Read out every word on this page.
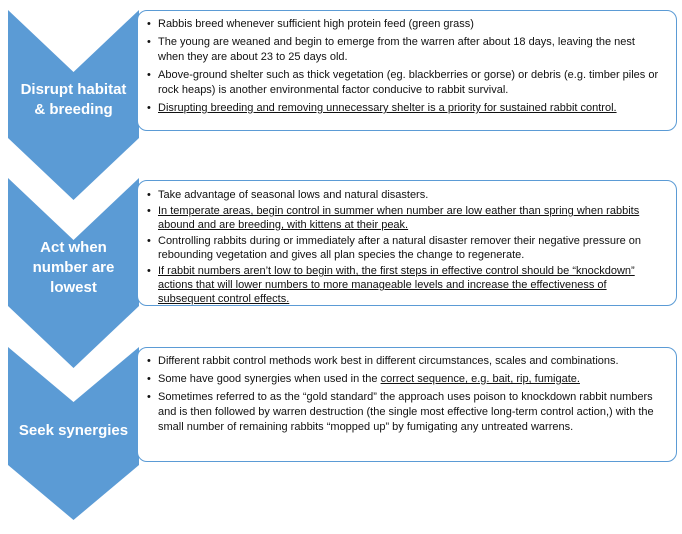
Disrupt habitat & breeding
• Rabbis breed whenever sufficient high protein feed (green grass)
• The young are weaned and begin to emerge from the warren after about 18 days, leaving the nest when they are about 23 to 25 days old.
• Above-ground shelter such as thick vegetation (eg. blackberries or gorse) or debris (e.g. timber piles or rock heaps) is another environmental factor conducive to rabbit survival.
• Disrupting breeding and removing unnecessary shelter is a priority for sustained rabbit control.
Act when number are lowest
• Take advantage of seasonal lows and natural disasters.
• In temperate areas, begin control in summer when number are low eather than spring when rabbits abound and are breeding, with kittens at their peak.
• Controlling rabbits during or immediately after a natural disaster remover their negative pressure on rebounding vegetation and gives all plan species the change to regenerate.
• If rabbit numbers aren’t low to begin with, the first steps in effective control should be “knockdown” actions that will lower numbers to more manageable levels and increase the effectiveness of subsequent control effects.
Seek synergies
• Different rabbit control methods work best in different circumstances, scales and combinations.
• Some have good synergies when used in the correct sequence, e.g. bait, rip, fumigate.
• Sometimes referred to as the “gold standard” the approach uses poison to knockdown rabbit numbers and is then followed by warren destruction (the single most effective long-term control action,) with the small number of remaining rabbits “mopped up” by fumigating any untreated warrens.
